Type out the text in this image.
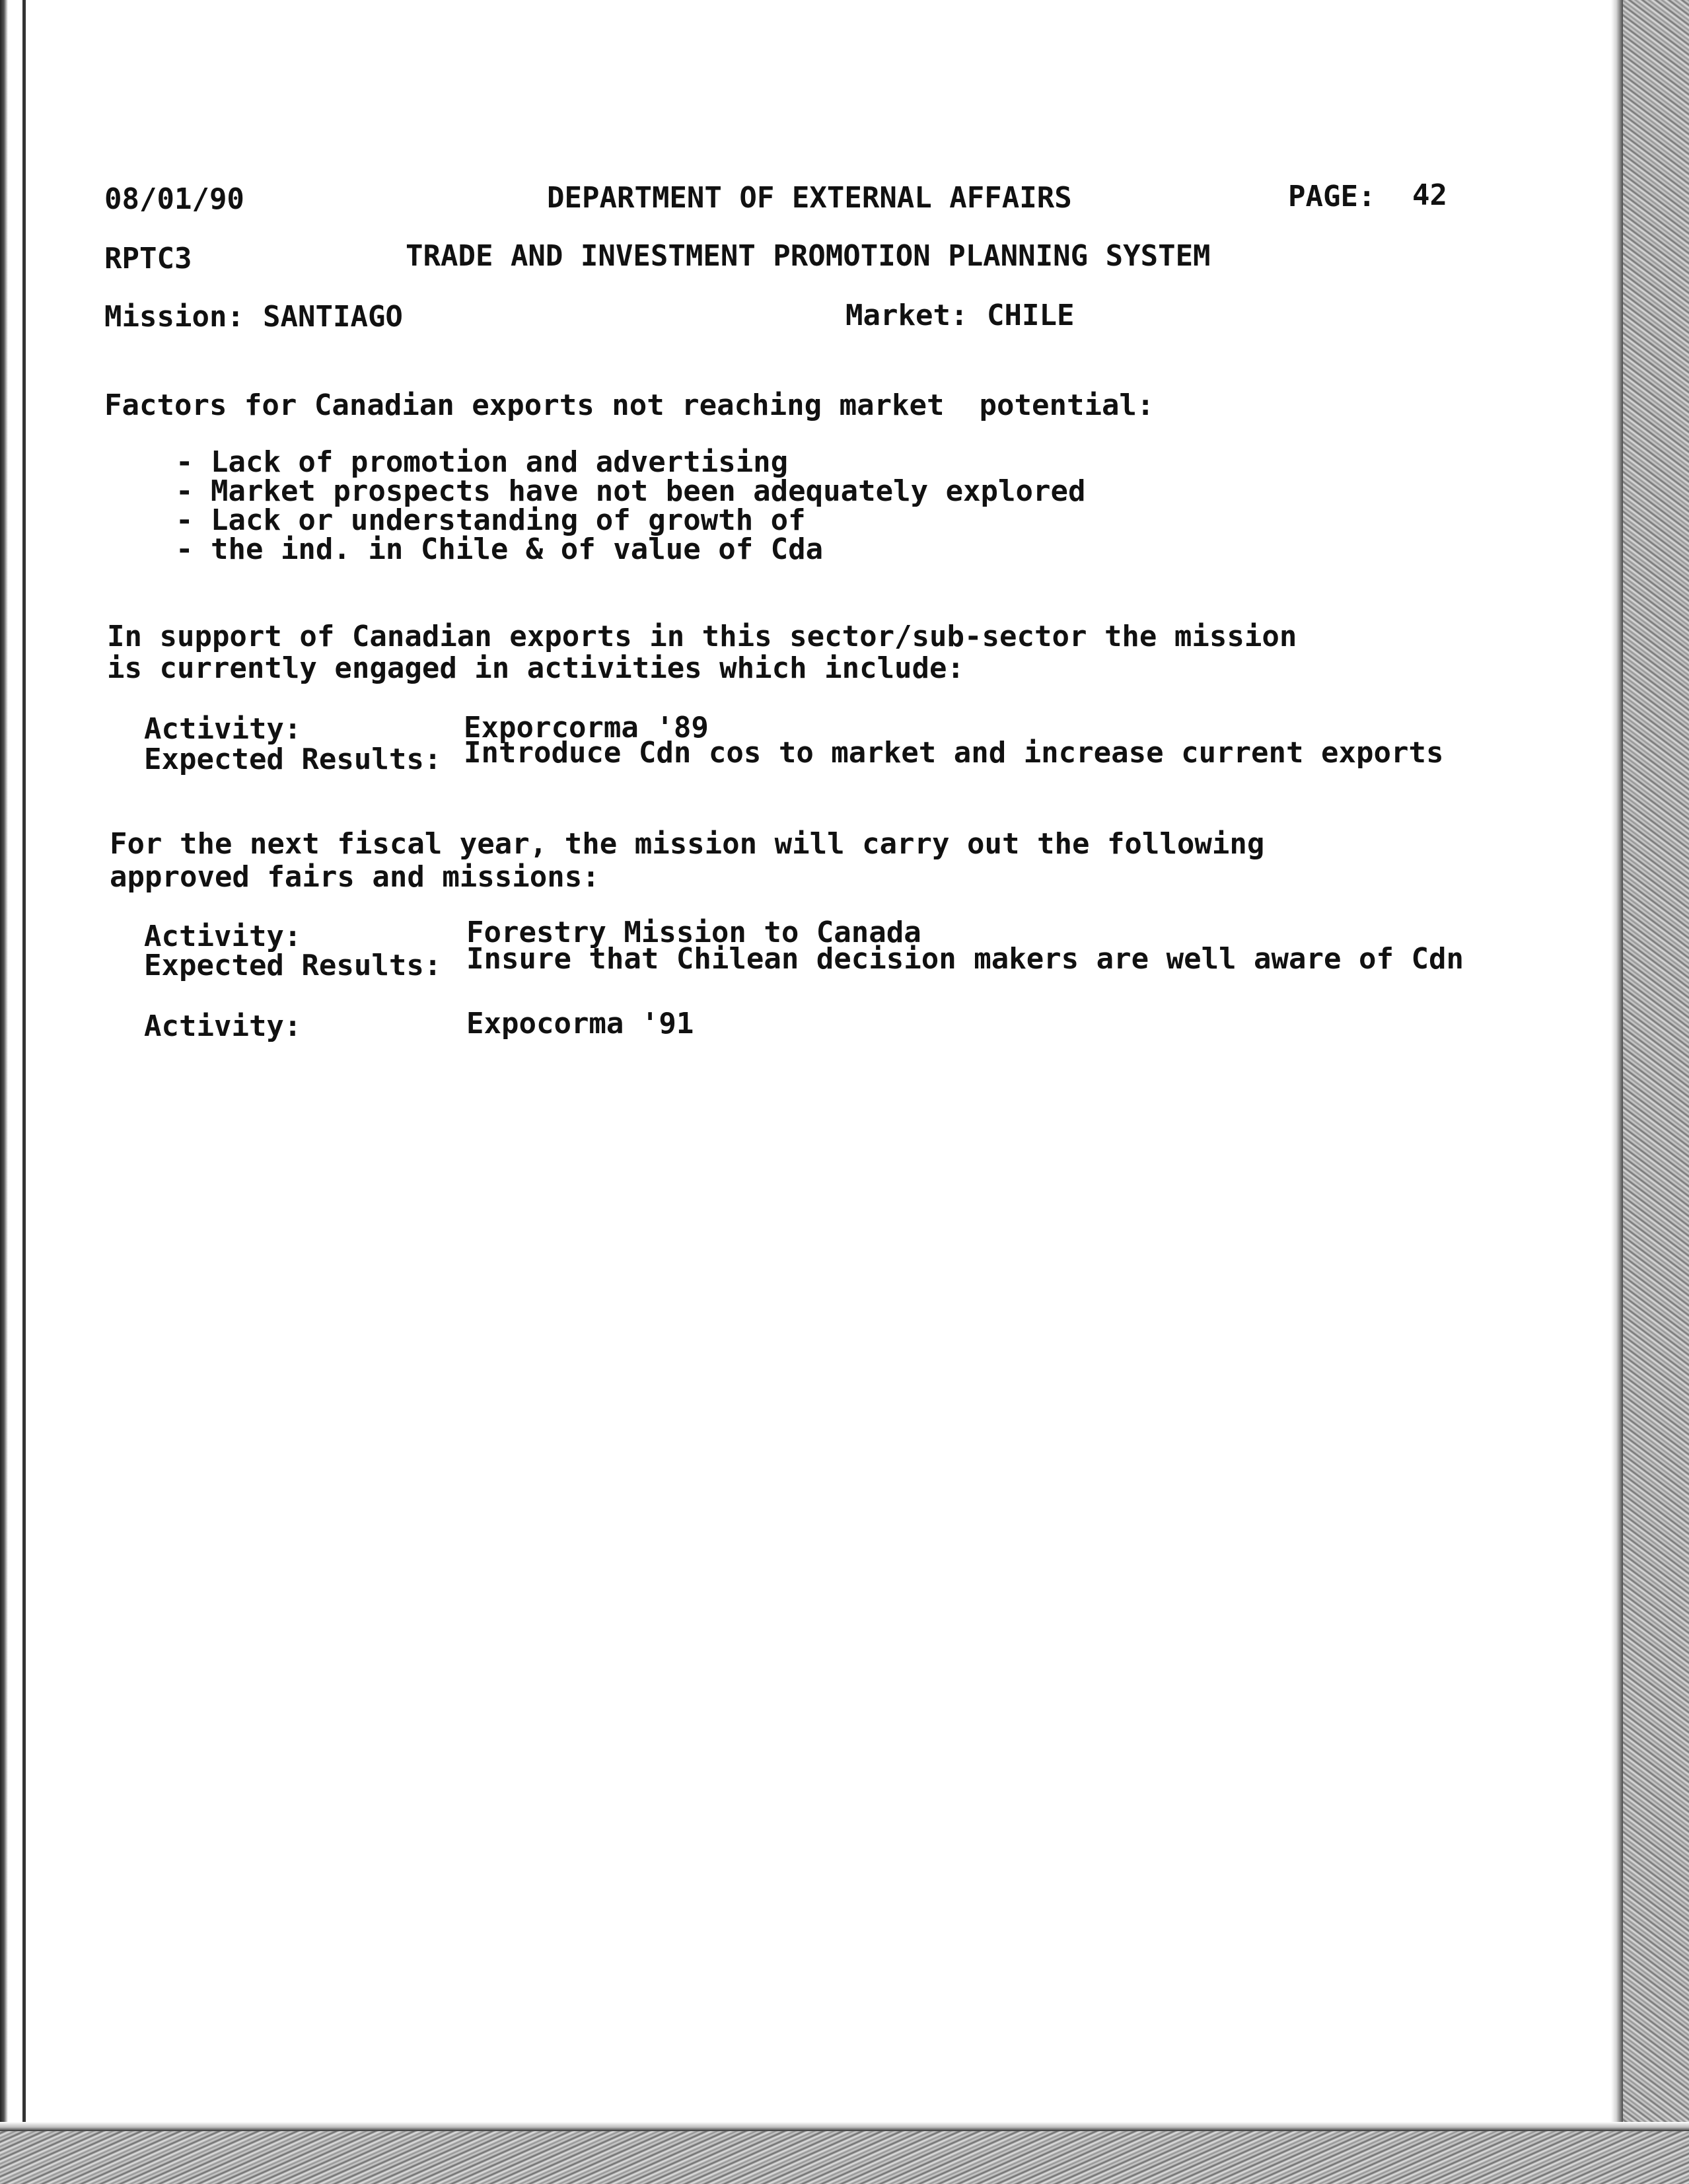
08/01/90	DEPARTMENT OF EXTERNAL AFFAIRS	PAGE: 42
RPTC3	TRADE AND INVESTMENT PROMOTION PLANNING SYSTEM
Mission: SANTIAGO	Market: CHILE
Factors for Canadian exports not reaching market  potential:
- Lack of promotion and advertising
- Market prospects have not been adequately explored
- Lack or understanding of growth of
- the ind. in Chile & of value of Cda
In support of Canadian exports in this sector/sub-sector the mission
is currently engaged in activities which include:
Activity:	Exporcorma '89
Expected Results: Introduce Cdn cos to market and increase current exports
For the next fiscal year, the mission will carry out the following
approved fairs and missions:
Activity:	Forestry Mission to Canada
Expected Results: Insure that Chilean decision makers are well aware of Cdn
Activity:	Expocorma '91
